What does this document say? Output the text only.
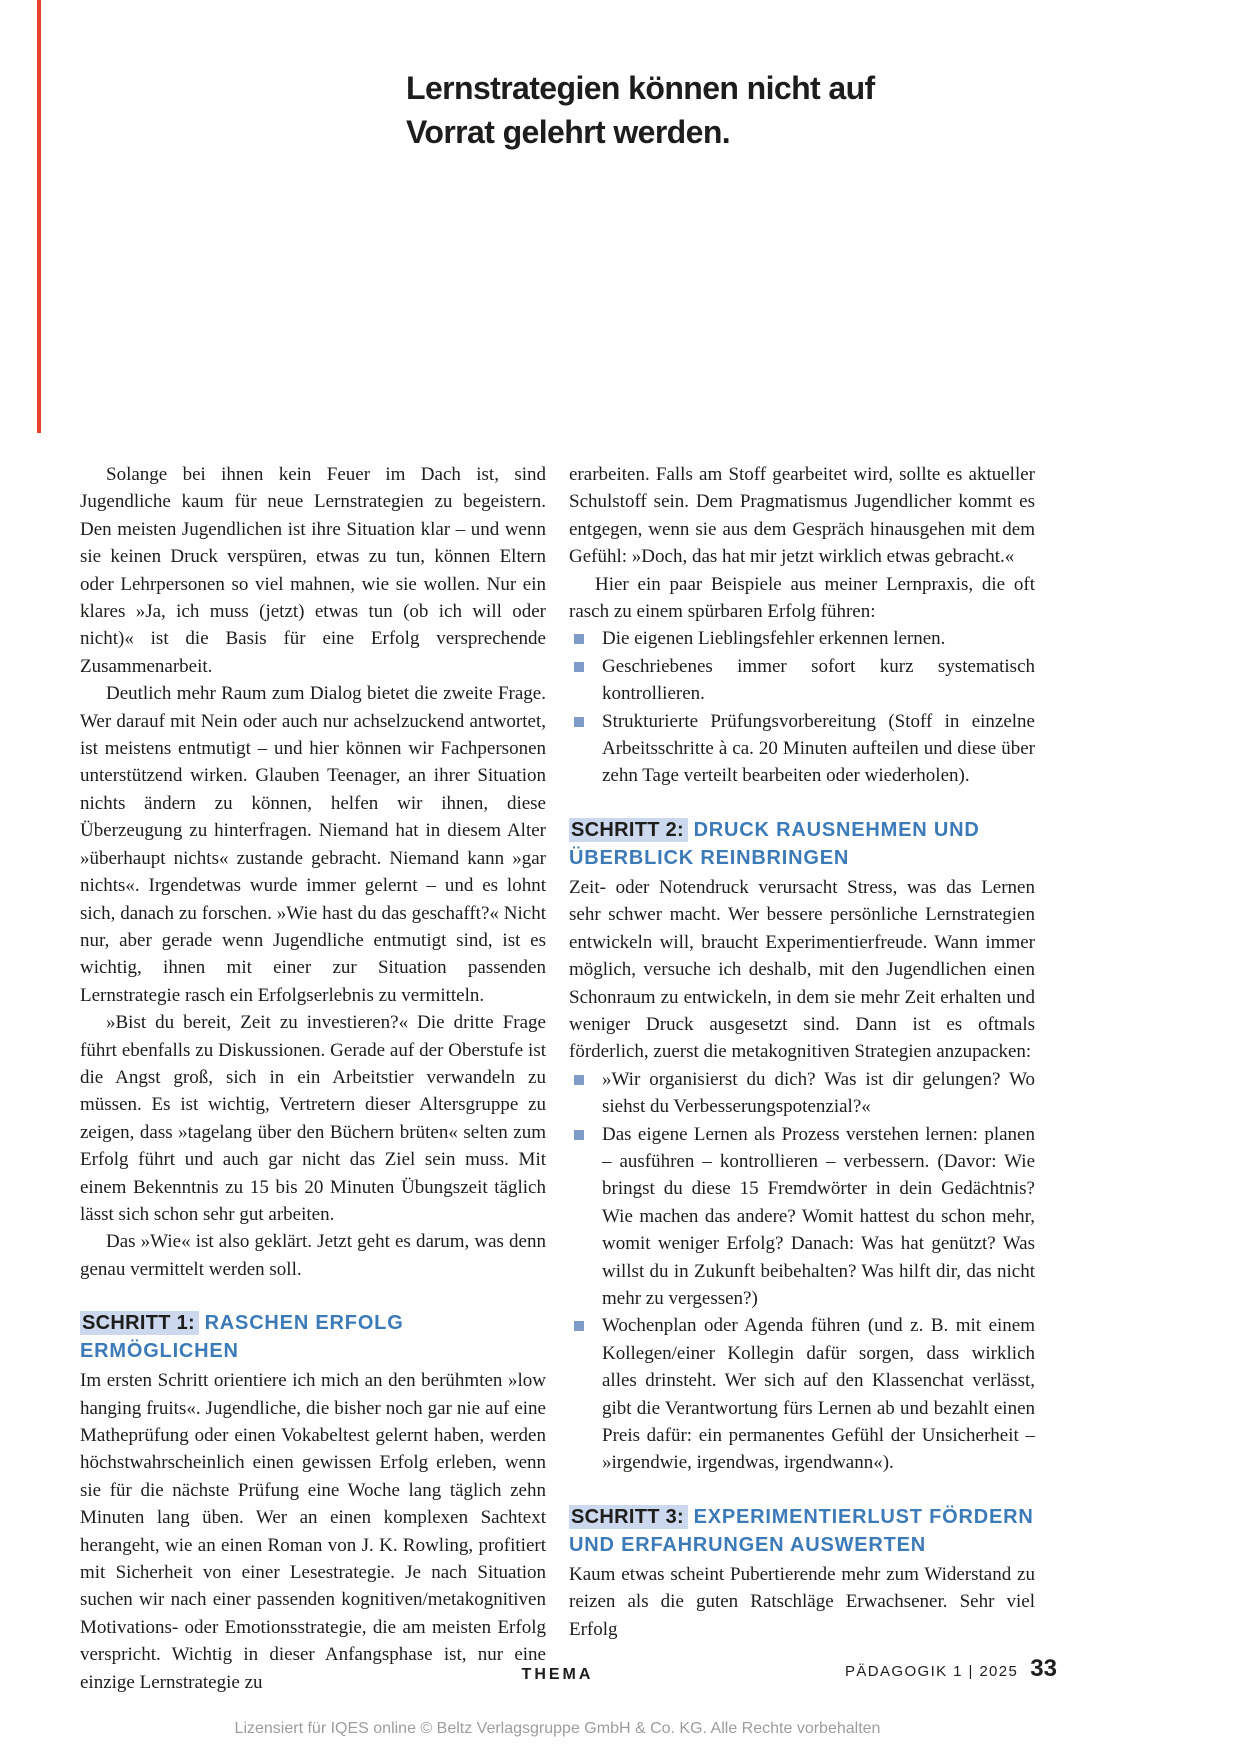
Lernstrategien können nicht auf
Vorrat gelehrt werden.

Solange bei ihnen kein Feuer im Dach ist, sind Jugendliche kaum für neue Lernstrategien zu begeistern. Den meisten Jugendlichen ist ihre Situation klar – und wenn sie keinen Druck verspüren, etwas zu tun, können Eltern oder Lehrpersonen so viel mahnen, wie sie wollen. Nur ein klares »Ja, ich muss (jetzt) etwas tun (ob ich will oder nicht)« ist die Basis für eine Erfolg versprechende Zusammenarbeit.

Deutlich mehr Raum zum Dialog bietet die zweite Frage. Wer darauf mit Nein oder auch nur achselzuckend antwortet, ist meistens entmutigt – und hier können wir Fachpersonen unterstützend wirken. Glauben Teenager, an ihrer Situation nichts ändern zu können, helfen wir ihnen, diese Überzeugung zu hinterfragen. Niemand hat in diesem Alter »überhaupt nichts« zustande gebracht. Niemand kann »gar nichts«. Irgendetwas wurde immer gelernt – und es lohnt sich, danach zu forschen. »Wie hast du das geschafft?« Nicht nur, aber gerade wenn Jugendliche entmutigt sind, ist es wichtig, ihnen mit einer zur Situation passenden Lernstrategie rasch ein Erfolgserlebnis zu vermitteln.

»Bist du bereit, Zeit zu investieren?« Die dritte Frage führt ebenfalls zu Diskussionen. Gerade auf der Oberstufe ist die Angst groß, sich in ein Arbeitstier verwandeln zu müssen. Es ist wichtig, Vertretern dieser Altersgruppe zu zeigen, dass »tagelang über den Büchern brüten« selten zum Erfolg führt und auch gar nicht das Ziel sein muss. Mit einem Bekenntnis zu 15 bis 20 Minuten Übungszeit täglich lässt sich schon sehr gut arbeiten.

Das »Wie« ist also geklärt. Jetzt geht es darum, was denn genau vermittelt werden soll.

SCHRITT 1: RASCHEN ERFOLG ERMÖGLICHEN

Im ersten Schritt orientiere ich mich an den berühmten »low hanging fruits«. Jugendliche, die bisher noch gar nie auf eine Matheprüfung oder einen Vokabeltest gelernt haben, werden höchstwahrscheinlich einen gewissen Erfolg erleben, wenn sie für die nächste Prüfung eine Woche lang täglich zehn Minuten lang üben. Wer an einen komplexen Sachtext herangeht, wie an einen Roman von J. K. Rowling, profitiert mit Sicherheit von einer Lesestrategie. Je nach Situation suchen wir nach einer passenden kognitiven/metakognitiven Motivations- oder Emotionsstrategie, die am meisten Erfolg verspricht. Wichtig in dieser Anfangsphase ist, nur eine einzige Lernstrategie zu

erarbeiten. Falls am Stoff gearbeitet wird, sollte es aktueller Schulstoff sein. Dem Pragmatismus Jugendlicher kommt es entgegen, wenn sie aus dem Gespräch hinausgehen mit dem Gefühl: »Doch, das hat mir jetzt wirklich etwas gebracht.«

Hier ein paar Beispiele aus meiner Lernpraxis, die oft rasch zu einem spürbaren Erfolg führen:

Die eigenen Lieblingsfehler erkennen lernen.
Geschriebenes immer sofort kurz systematisch kontrollieren.
Strukturierte Prüfungsvorbereitung (Stoff in einzelne Arbeitsschritte à ca. 20 Minuten aufteilen und diese über zehn Tage verteilt bearbeiten oder wiederholen).
SCHRITT 2: DRUCK RAUSNEHMEN UND ÜBERBLICK REINBRINGEN

Zeit- oder Notendruck verursacht Stress, was das Lernen sehr schwer macht. Wer bessere persönliche Lernstrategien entwickeln will, braucht Experimentierfreude. Wann immer möglich, versuche ich deshalb, mit den Jugendlichen einen Schonraum zu entwickeln, in dem sie mehr Zeit erhalten und weniger Druck ausgesetzt sind. Dann ist es oftmals förderlich, zuerst die metakognitiven Strategien anzupacken:

»Wir organisierst du dich? Was ist dir gelungen? Wo siehst du Verbesserungspotenzial?«
Das eigene Lernen als Prozess verstehen lernen: planen – ausführen – kontrollieren – verbessern. (Davor: Wie bringst du diese 15 Fremdwörter in dein Gedächtnis? Wie machen das andere? Womit hattest du schon mehr, womit weniger Erfolg? Danach: Was hat genützt? Was willst du in Zukunft beibehalten? Was hilft dir, das nicht mehr zu vergessen?)
Wochenplan oder Agenda führen (und z. B. mit einem Kollegen/einer Kollegin dafür sorgen, dass wirklich alles drinsteht. Wer sich auf den Klassenchat verlässt, gibt die Verantwortung fürs Lernen ab und bezahlt einen Preis dafür: ein permanentes Gefühl der Unsicherheit – »irgendwie, irgendwas, irgendwann«).
SCHRITT 3: EXPERIMENTIERLUST FÖRDERN UND ERFAHRUNGEN AUSWERTEN

Kaum etwas scheint Pubertierende mehr zum Widerstand zu reizen als die guten Ratschläge Erwachsener. Sehr viel Erfolg

THEMA	PÄDAGOGIK 1 | 2025 33
Lizensiert für IQES online © Beltz Verlagsgruppe GmbH & Co. KG. Alle Rechte vorbehalten
